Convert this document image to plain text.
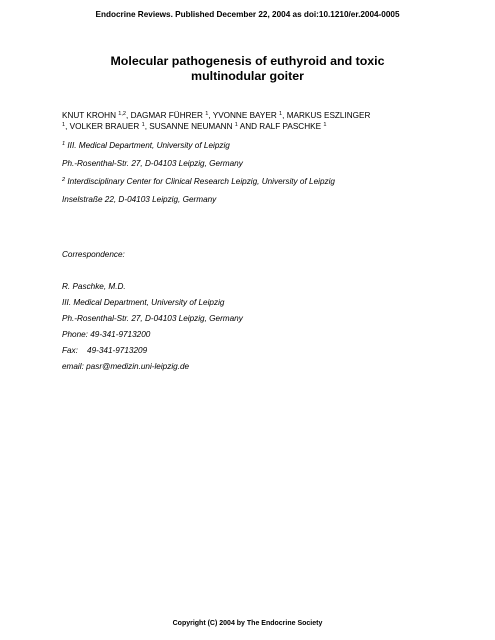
Endocrine Reviews. Published December 22, 2004 as doi:10.1210/er.2004-0005
Molecular pathogenesis of euthyroid and toxic
multinodular goiter
KNUT KROHN $^{1,2}$, DAGMAR FÜHRER $^1$, YVONNE BAYER $^1$, MARKUS ESZLINGER
$^1$, VOLKER BRAUER $^1$, SUSANNE NEUMANN $^1$ AND RALF PASCHKE $^1$
$^1$ III. Medical Department, University of Leipzig
Ph.-Rosenthal-Str. 27, D-04103 Leipzig, Germany
$^2$ Interdisciplinary Center for Clinical Research Leipzig, University of Leipzig
Inselstraße 22, D-04103 Leipzig, Germany
Correspondence:
R. Paschke, M.D.
III. Medical Department, University of Leipzig
Ph.-Rosenthal-Str. 27, D-04103 Leipzig, Germany
Phone: 49-341-9713200
Fax:    49-341-9713209
email: pasr@medizin.uni-leipzig.de
Copyright (C) 2004 by The Endocrine Society
